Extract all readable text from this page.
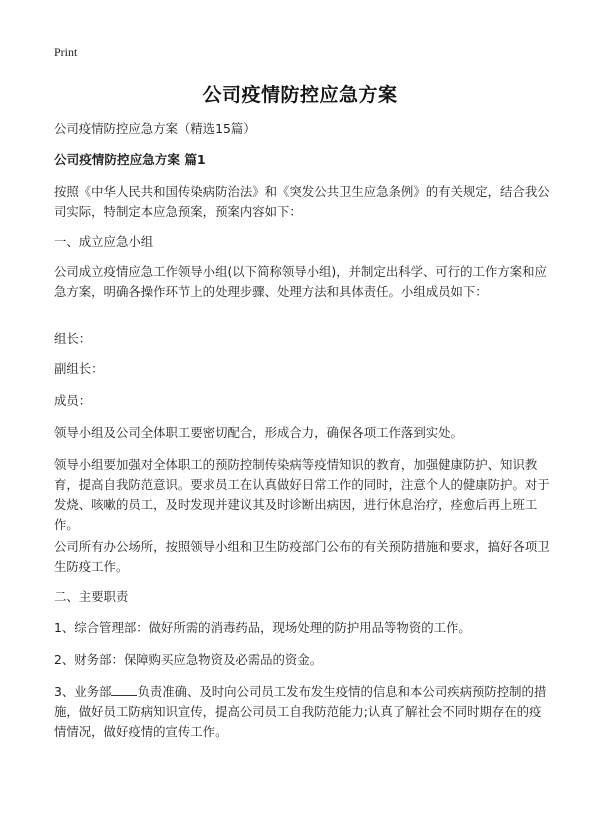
Print
公司疫情防控应急方案
公司疫情防控应急方案（精选15篇）
公司疫情防控应急方案 篇1
按照《中华人民共和国传染病防治法》和《突发公共卫生应急条例》的有关规定，结合我公司实际，特制定本应急预案，预案内容如下：
一、成立应急小组
公司成立疫情应急工作领导小组(以下简称领导小组)，并制定出科学、可行的工作方案和应急方案，明确各操作环节上的处理步骤、处理方法和具体责任。小组成员如下：
组长：
副组长：
成员：
领导小组及公司全体职工要密切配合，形成合力，确保各项工作落到实处。
领导小组要加强对全体职工的预防控制传染病等疫情知识的教育，加强健康防护、知识教育，提高自我防范意识。要求员工在认真做好日常工作的同时，注意个人的健康防护。对于发烧、咳嗽的员工，及时发现并建议其及时诊断出病因，进行休息治疗，痊愈后再上班工作。
公司所有办公场所，按照领导小组和卫生防疫部门公布的有关预防措施和要求，搞好各项卫生防疫工作。
二、主要职责
1、综合管理部：做好所需的消毒药品，现场处理的防护用品等物资的工作。
2、财务部：保障购买应急物资及必需品的资金。
3、业务部 负责准确、及时向公司员工发布发生疫情的信息和本公司疾病预防控制的措施，做好员工防病知识宣传，提高公司员工自我防范能力;认真了解社会不同时期存在的疫情情况，做好疫情的宣传工作。
